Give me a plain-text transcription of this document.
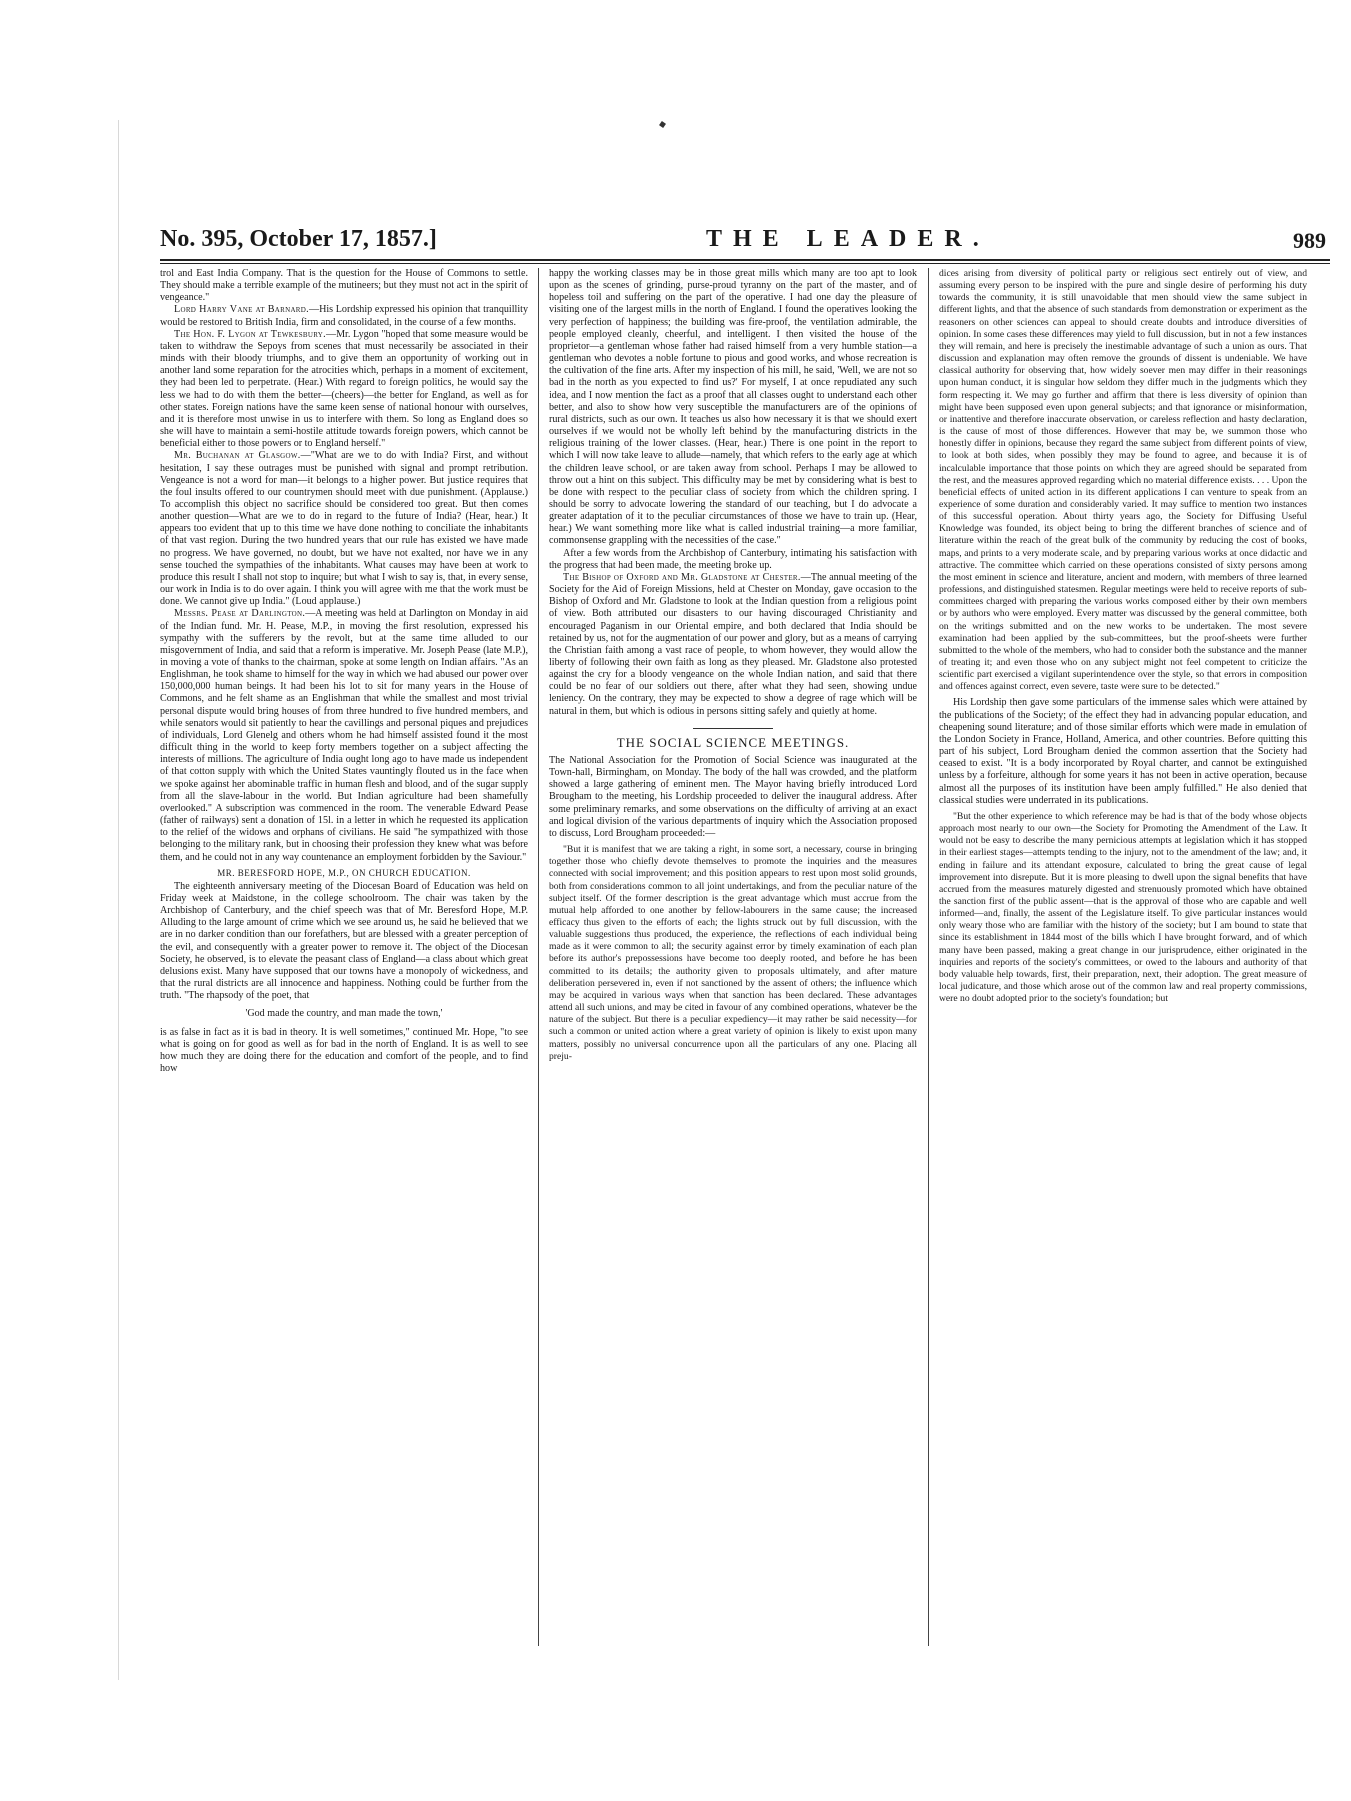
No. 395, October 17, 1857.]	THE LEADER.	989

trol and East India Company. That is the question for the House of Commons to settle. They should make a terrible example of the mutineers; but they must not act in the spirit of vengeance."

Lord Harry Vane at Barnard.—His Lordship expressed his opinion that tranquillity would be restored to British India, firm and consolidated, in the course of a few months.

The Hon. F. Lygon at Tewkesbury.—Mr. Lygon "hoped that some measure would be taken to withdraw the Sepoys from scenes that must necessarily be associated in their minds with their bloody triumphs, and to give them an opportunity of working out in another land some reparation for the atrocities which, perhaps in a moment of excitement, they had been led to perpetrate. (Hear.) With regard to foreign politics, he would say the less we had to do with them the better—(cheers)—the better for England, as well as for other states. Foreign nations have the same keen sense of national honour with ourselves, and it is therefore most unwise in us to interfere with them. So long as England does so she will have to maintain a semi-hostile attitude towards foreign powers, which cannot be beneficial either to those powers or to England herself."

Mr. Buchanan at Glasgow.—"What are we to do with India? First, and without hesitation, I say these outrages must be punished with signal and prompt retribution. Vengeance is not a word for man—it belongs to a higher power. But justice requires that the foul insults offered to our countrymen should meet with due punishment. (Applause.) To accomplish this object no sacrifice should be considered too great. But then comes another question—What are we to do in regard to the future of India? (Hear, hear.) It appears too evident that up to this time we have done nothing to conciliate the inhabitants of that vast region. During the two hundred years that our rule has existed we have made no progress. We have governed, no doubt, but we have not exalted, nor have we in any sense touched the sympathies of the inhabitants. What causes may have been at work to produce this result I shall not stop to inquire; but what I wish to say is, that, in every sense, our work in India is to do over again. I think you will agree with me that the work must be done. We cannot give up India." (Loud applause.)

Messrs. Pease at Darlington.—A meeting was held at Darlington on Monday in aid of the Indian fund. Mr. H. Pease, M.P., in moving the first resolution, expressed his sympathy with the sufferers by the revolt, but at the same time alluded to our misgovernment of India, and said that a reform is imperative. Mr. Joseph Pease (late M.P.), in moving a vote of thanks to the chairman, spoke at some length on Indian affairs. "As an Englishman, he took shame to himself for the way in which we had abused our power over 150,000,000 human beings. It had been his lot to sit for many years in the House of Commons, and he felt shame as an Englishman that while the smallest and most trivial personal dispute would bring houses of from three hundred to five hundred members, and while senators would sit patiently to hear the cavillings and personal piques and prejudices of individuals, Lord Glenelg and others whom he had himself assisted found it the most difficult thing in the world to keep forty members together on a subject affecting the interests of millions. The agriculture of India ought long ago to have made us independent of that cotton supply with which the United States vauntingly flouted us in the face when we spoke against her abominable traffic in human flesh and blood, and of the sugar supply from all the slave-labour in the world. But Indian agriculture had been shamefully overlooked." A subscription was commenced in the room. The venerable Edward Pease (father of railways) sent a donation of 15l. in a letter in which he requested its application to the relief of the widows and orphans of civilians. He said "he sympathized with those belonging to the military rank, but in choosing their profession they knew what was before them, and he could not in any way countenance an employment forbidden by the Saviour."

MR. BERESFORD HOPE, M.P., ON CHURCH EDUCATION.

The eighteenth anniversary meeting of the Diocesan Board of Education was held on Friday week at Maidstone, in the college schoolroom. The chair was taken by the Archbishop of Canterbury, and the chief speech was that of Mr. Beresford Hope, M.P. Alluding to the large amount of crime which we see around us, he said he believed that we are in no darker condition than our forefathers, but are blessed with a greater perception of the evil, and consequently with a greater power to remove it. The object of the Diocesan Society, he observed, is to elevate the peasant class of England—a class about which great delusions exist. Many have supposed that our towns have a monopoly of wickedness, and that the rural districts are all innocence and happiness. Nothing could be further from the truth. "The rhapsody of the poet, that

'God made the country, and man made the town,'

is as false in fact as it is bad in theory. It is well sometimes," continued Mr. Hope, "to see what is going on for good as well as for bad in the north of England. It is as well to see how much they are doing there for the education and comfort of the people, and to find how

happy the working classes may be in those great mills which many are too apt to look upon as the scenes of grinding, purse-proud tyranny on the part of the master, and of hopeless toil and suffering on the part of the operative. I had one day the pleasure of visiting one of the largest mills in the north of England. I found the operatives looking the very perfection of happiness; the building was fire-proof, the ventilation admirable, the people employed cleanly, cheerful, and intelligent. I then visited the house of the proprietor—a gentleman whose father had raised himself from a very humble station—a gentleman who devotes a noble fortune to pious and good works, and whose recreation is the cultivation of the fine arts. After my inspection of his mill, he said, 'Well, we are not so bad in the north as you expected to find us?' For myself, I at once repudiated any such idea, and I now mention the fact as a proof that all classes ought to understand each other better, and also to show how very susceptible the manufacturers are of the opinions of rural districts, such as our own. It teaches us also how necessary it is that we should exert ourselves if we would not be wholly left behind by the manufacturing districts in the religious training of the lower classes. (Hear, hear.) There is one point in the report to which I will now take leave to allude—namely, that which refers to the early age at which the children leave school, or are taken away from school. Perhaps I may be allowed to throw out a hint on this subject. This difficulty may be met by considering what is best to be done with respect to the peculiar class of society from which the children spring. I should be sorry to advocate lowering the standard of our teaching, but I do advocate a greater adaptation of it to the peculiar circumstances of those we have to train up. (Hear, hear.) We want something more like what is called industrial training—a more familiar, commonsense grappling with the necessities of the case."

After a few words from the Archbishop of Canterbury, intimating his satisfaction with the progress that had been made, the meeting broke up.

The Bishop of Oxford and Mr. Gladstone at Chester.—The annual meeting of the Society for the Aid of Foreign Missions, held at Chester on Monday, gave occasion to the Bishop of Oxford and Mr. Gladstone to look at the Indian question from a religious point of view. Both attributed our disasters to our having discouraged Christianity and encouraged Paganism in our Oriental empire, and both declared that India should be retained by us, not for the augmentation of our power and glory, but as a means of carrying the Christian faith among a vast race of people, to whom however, they would allow the liberty of following their own faith as long as they pleased. Mr. Gladstone also protested against the cry for a bloody vengeance on the whole Indian nation, and said that there could be no fear of our soldiers out there, after what they had seen, showing undue leniency. On the contrary, they may be expected to show a degree of rage which will be natural in them, but which is odious in persons sitting safely and quietly at home.

THE SOCIAL SCIENCE MEETINGS.

The National Association for the Promotion of Social Science was inaugurated at the Town-hall, Birmingham, on Monday. The body of the hall was crowded, and the platform showed a large gathering of eminent men. The Mayor having briefly introduced Lord Brougham to the meeting, his Lordship proceeded to deliver the inaugural address. After some preliminary remarks, and some observations on the difficulty of arriving at an exact and logical division of the various departments of inquiry which the Association proposed to discuss, Lord Brougham proceeded:—

"But it is manifest that we are taking a right, in some sort, a necessary, course in bringing together those who chiefly devote themselves to promote the inquiries and the measures connected with social improvement; and this position appears to rest upon most solid grounds, both from considerations common to all joint undertakings, and from the peculiar nature of the subject itself. Of the former description is the great advantage which must accrue from the mutual help afforded to one another by fellow-labourers in the same cause; the increased efficacy thus given to the efforts of each; the lights struck out by full discussion, with the valuable suggestions thus produced, the experience, the reflections of each individual being made as it were common to all; the security against error by timely examination of each plan before its author's prepossessions have become too deeply rooted, and before he has been committed to its details; the authority given to proposals ultimately, and after mature deliberation persevered in, even if not sanctioned by the assent of others; the influence which may be acquired in various ways when that sanction has been declared. These advantages attend all such unions, and may be cited in favour of any combined operations, whatever be the nature of the subject. But there is a peculiar expediency—it may rather be said necessity—for such a common or united action where a great variety of opinion is likely to exist upon many matters, possibly no universal concurrence upon all the particulars of any one. Placing all preju-
dices arising from diversity of political party or religious sect entirely out of view, and assuming every person to be inspired with the pure and single desire of performing his duty towards the community, it is still unavoidable that men should view the same subject in different lights, and that the absence of such standards from demonstration or experiment as the reasoners on other sciences can appeal to should create doubts and introduce diversities of opinion. In some cases these differences may yield to full discussion, but in not a few instances they will remain, and here is precisely the inestimable advantage of such a union as ours. That discussion and explanation may often remove the grounds of dissent is undeniable. We have classical authority for observing that, how widely soever men may differ in their reasonings upon human conduct, it is singular how seldom they differ much in the judgments which they form respecting it. We may go further and affirm that there is less diversity of opinion than might have been supposed even upon general subjects; and that ignorance or misinformation, or inattentive and therefore inaccurate observation, or careless reflection and hasty declaration, is the cause of most of those differences. However that may be, we summon those who honestly differ in opinions, because they regard the same subject from different points of view, to look at both sides, when possibly they may be found to agree, and because it is of incalculable importance that those points on which they are agreed should be separated from the rest, and the measures approved regarding which no material difference exists. . . . Upon the beneficial effects of united action in its different applications I can venture to speak from an experience of some duration and considerably varied. It may suffice to mention two instances of this successful operation. About thirty years ago, the Society for Diffusing Useful Knowledge was founded, its object being to bring the different branches of science and of literature within the reach of the great bulk of the community by reducing the cost of books, maps, and prints to a very moderate scale, and by preparing various works at once didactic and attractive. The committee which carried on these operations consisted of sixty persons among the most eminent in science and literature, ancient and modern, with members of three learned professions, and distinguished statesmen. Regular meetings were held to receive reports of sub-committees charged with preparing the various works composed either by their own members or by authors who were employed. Every matter was discussed by the general committee, both on the writings submitted and on the new works to be undertaken. The most severe examination had been applied by the sub-committees, but the proof-sheets were further submitted to the whole of the members, who had to consider both the substance and the manner of treating it; and even those who on any subject might not feel competent to criticize the scientific part exercised a vigilant superintendence over the style, so that errors in composition and offences against correct, even severe, taste were sure to be detected."

His Lordship then gave some particulars of the immense sales which were attained by the publications of the Society; of the effect they had in advancing popular education, and cheapening sound literature; and of those similar efforts which were made in emulation of the London Society in France, Holland, America, and other countries. Before quitting this part of his subject, Lord Brougham denied the common assertion that the Society had ceased to exist. "It is a body incorporated by Royal charter, and cannot be extinguished unless by a forfeiture, although for some years it has not been in active operation, because almost all the purposes of its institution have been amply fulfilled." He also denied that classical studies were underrated in its publications.

"But the other experience to which reference may be had is that of the body whose objects approach most nearly to our own—the Society for Promoting the Amendment of the Law. It would not be easy to describe the many pernicious attempts at legislation which it has stopped in their earliest stages—attempts tending to the injury, not to the amendment of the law; and, it ending in failure and its attendant exposure, calculated to bring the great cause of legal improvement into disrepute. But it is more pleasing to dwell upon the signal benefits that have accrued from the measures maturely digested and strenuously promoted which have obtained the sanction first of the public assent—that is the approval of those who are capable and well informed—and, finally, the assent of the Legislature itself. To give particular instances would only weary those who are familiar with the history of the society; but I am bound to state that since its establishment in 1844 most of the bills which I have brought forward, and of which many have been passed, making a great change in our jurisprudence, either originated in the inquiries and reports of the society's committees, or owed to the labours and authority of that body valuable help towards, first, their preparation, next, their adoption. The great measure of local judicature, and those which arose out of the common law and real property commissions, were no doubt adopted prior to the society's foundation; but
